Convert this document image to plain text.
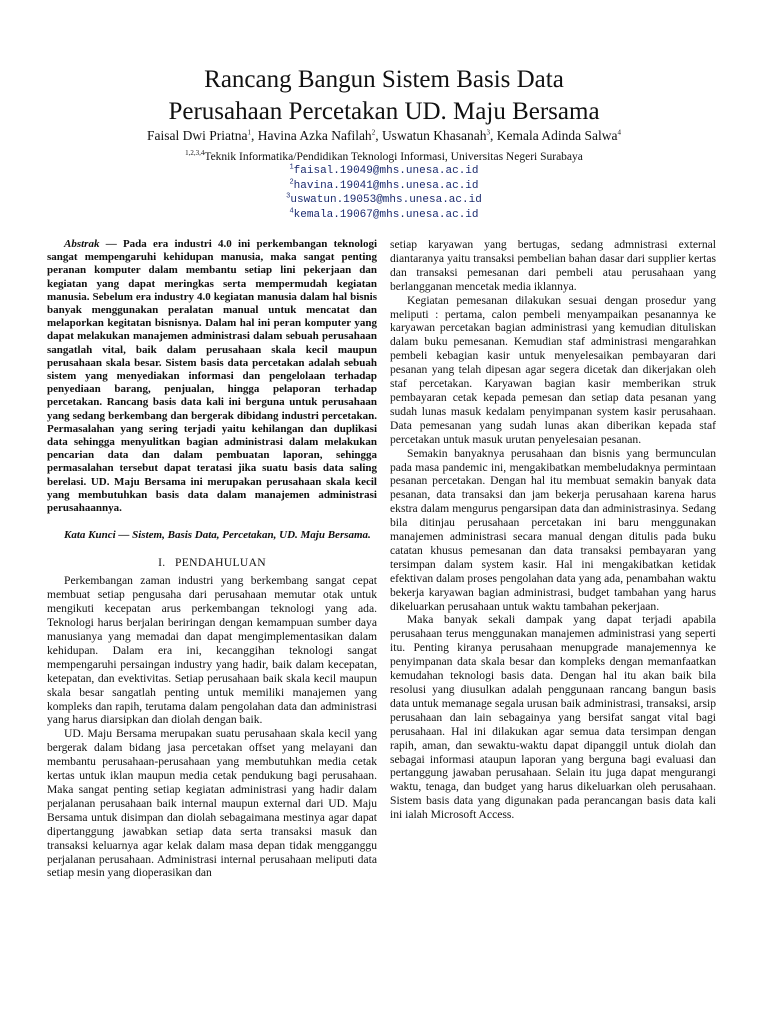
Rancang Bangun Sistem Basis Data
Perusahaan Percetakan UD. Maju Bersama
Faisal Dwi Priatna$^1$, Havina Azka Nafilah$^2$, Uswatun Khasanah$^3$, Kemala Adinda Salwa$^4$
$^{1,2,3,4}$Teknik Informatika/Pendidikan Teknologi Informasi, Universitas Negeri Surabaya
$^1$faisal.19049@mhs.unesa.ac.id
$^2$havina.19041@mhs.unesa.ac.id
$^3$uswatun.19053@mhs.unesa.ac.id
$^4$kemala.19067@mhs.unesa.ac.id

Abstrak — Pada era industri 4.0 ini perkembangan teknologi sangat mempengaruhi kehidupan manusia, maka sangat penting peranan komputer dalam membantu setiap lini pekerjaan dan kegiatan yang dapat meringkas serta mempermudah kegiatan manusia. Sebelum era industry 4.0 kegiatan manusia dalam hal bisnis banyak menggunakan peralatan manual untuk mencatat dan melaporkan kegitatan bisnisnya. Dalam hal ini peran komputer yang dapat melakukan manajemen administrasi dalam sebuah perusahaan sangatlah vital, baik dalam perusahaan skala kecil maupun perusahaan skala besar. Sistem basis data percetakan adalah sebuah sistem yang menyediakan informasi dan pengelolaan terhadap penyediaan barang, penjualan, hingga pelaporan terhadap percetakan. Rancang basis data kali ini berguna untuk perusahaan yang sedang berkembang dan bergerak dibidang industri percetakan. Permasalahan yang sering terjadi yaitu kehilangan dan duplikasi data sehingga menyulitkan bagian administrasi dalam melakukan pencarian data dan dalam pembuatan laporan, sehingga permasalahan tersebut dapat teratasi jika suatu basis data saling berelasi. UD. Maju Bersama ini merupakan perusahaan skala kecil yang membutuhkan basis data dalam manajemen administrasi perusahaannya.

Kata Kunci — Sistem, Basis Data, Percetakan, UD. Maju Bersama.

I. PENDAHULUAN

Perkembangan zaman industri yang berkembang sangat cepat membuat setiap pengusaha dari perusahaan memutar otak untuk mengikuti kecepatan arus perkembangan teknologi yang ada. Teknologi harus berjalan beriringan dengan kemampuan sumber daya manusianya yang memadai dan dapat mengimplementasikan dalam kehidupan. Dalam era ini, kecanggihan teknologi sangat mempengaruhi persaingan industry yang hadir, baik dalam kecepatan, ketepatan, dan evektivitas. Setiap perusahaan baik skala kecil maupun skala besar sangatlah penting untuk memiliki manajemen yang kompleks dan rapih, terutama dalam pengolahan data dan administrasi yang harus diarsipkan dan diolah dengan baik.

UD. Maju Bersama merupakan suatu perusahaan skala kecil yang bergerak dalam bidang jasa percetakan offset yang melayani dan membantu perusahaan-perusahaan yang membutuhkan media cetak kertas untuk iklan maupun media cetak pendukung bagi perusahaan. Maka sangat penting setiap kegiatan administrasi yang hadir dalam perjalanan perusahaan baik internal maupun external dari UD. Maju Bersama untuk disimpan dan diolah sebagaimana mestinya agar dapat dipertanggung jawabkan setiap data serta transaksi masuk dan transaksi keluarnya agar kelak dalam masa depan tidak mengganggu perjalanan perusahaan. Administrasi internal perusahaan meliputi data setiap mesin yang dioperasikan dan

setiap karyawan yang bertugas, sedang admnistrasi external diantaranya yaitu transaksi pembelian bahan dasar dari supplier kertas dan transaksi pemesanan dari pembeli atau perusahaan yang berlangganan mencetak media iklannya.

Kegiatan pemesanan dilakukan sesuai dengan prosedur yang meliputi : pertama, calon pembeli menyampaikan pesanannya ke karyawan percetakan bagian administrasi yang kemudian dituliskan dalam buku pemesanan. Kemudian staf administrasi mengarahkan pembeli kebagian kasir untuk menyelesaikan pembayaran dari pesanan yang telah dipesan agar segera dicetak dan dikerjakan oleh staf percetakan. Karyawan bagian kasir memberikan struk pembayaran cetak kepada pemesan dan setiap data pesanan yang sudah lunas masuk kedalam penyimpanan system kasir perusahaan. Data pemesanan yang sudah lunas akan diberikan kepada staf percetakan untuk masuk urutan penyelesaian pesanan.

Semakin banyaknya perusahaan dan bisnis yang bermunculan pada masa pandemic ini, mengakibatkan membeludaknya permintaan pesanan percetakan. Dengan hal itu membuat semakin banyak data pesanan, data transaksi dan jam bekerja perusahaan karena harus ekstra dalam mengurus pengarsipan data dan administrasinya. Sedang bila ditinjau perusahaan percetakan ini baru menggunakan manajemen administrasi secara manual dengan ditulis pada buku catatan khusus pemesanan dan data transaksi pembayaran yang tersimpan dalam system kasir. Hal ini mengakibatkan ketidak efektivan dalam proses pengolahan data yang ada, penambahan waktu bekerja karyawan bagian administrasi, budget tambahan yang harus dikeluarkan perusahaan untuk waktu tambahan pekerjaan.

Maka banyak sekali dampak yang dapat terjadi apabila perusahaan terus menggunakan manajemen administrasi yang seperti itu. Penting kiranya perusahaan menupgrade manajemennya ke penyimpanan data skala besar dan kompleks dengan memanfaatkan kemudahan teknologi basis data. Dengan hal itu akan baik bila resolusi yang diusulkan adalah penggunaan rancang bangun basis data untuk memanage segala urusan baik administrasi, transaksi, arsip perusahaan dan lain sebagainya yang bersifat sangat vital bagi perusahaan. Hal ini dilakukan agar semua data tersimpan dengan rapih, aman, dan sewaktu-waktu dapat dipanggil untuk diolah dan sebagai informasi ataupun laporan yang berguna bagi evaluasi dan pertanggung jawaban perusahaan. Selain itu juga dapat mengurangi waktu, tenaga, dan budget yang harus dikeluarkan oleh perusahaan. Sistem basis data yang digunakan pada perancangan basis data kali ini ialah Microsoft Access.
